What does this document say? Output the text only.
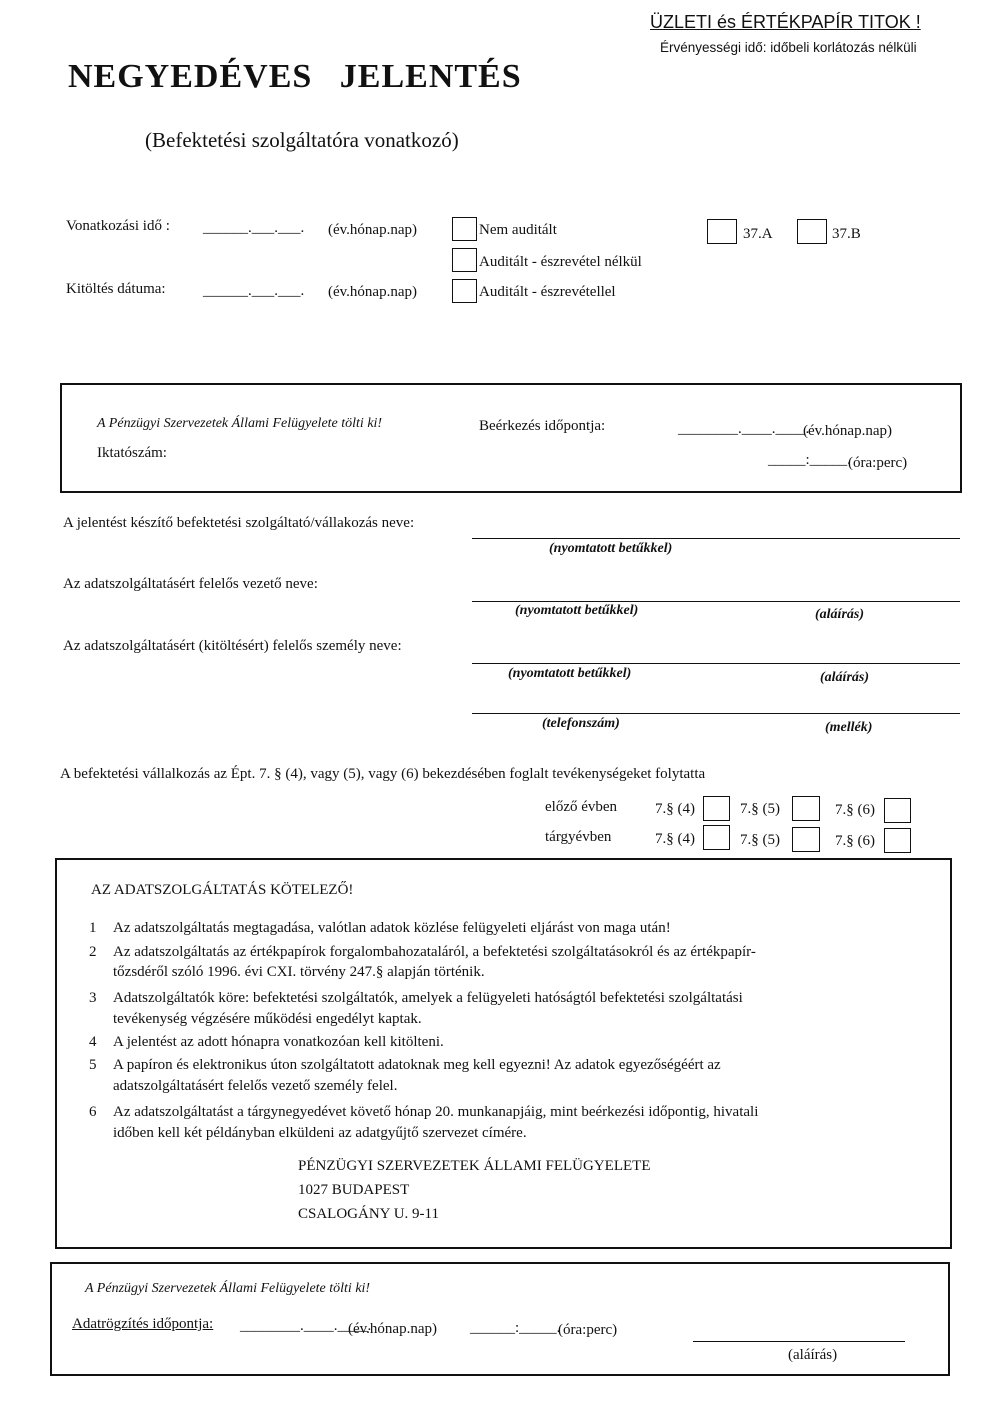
ÜZLETI és ÉRTÉKPAPÍR TITOK !
Érvényességi idő: időbeli korlátozás nélküli
NEGYEDÉVES JELENTÉS
(Befektetési szolgáltatóra vonatkozó)
Vonatkozási idő : ______.___.___. (év.hónap.nap)
Kitöltés dátuma: ______.___.___. (év.hónap.nap)
Nem auditált
Auditált - észrevétel nélkül
Auditált - észrevétellel
37.A	37.B
A Pénzügyi Szervezetek Állami Felügyelete tölti ki!	Beérkezés időpontja:	________.____.____.
(év.hónap.nap)
Iktatószám:	_____:_____.
(óra:perc)
A jelentést készítő befektetési szolgáltató/vállakozás neve:
(nyomtatott betűkkel)
Az adatszolgáltatásért felelős vezető neve:
(nyomtatott betűkkel)	(aláírás)
Az adatszolgáltatásért (kitöltésért) felelős személy neve:
(nyomtatott betűkkel)	(aláírás)
(telefonszám)	(mellék)
A befektetési vállalkozás az Épt. 7. § (4), vagy (5), vagy (6) bekezdésében foglalt tevékenységeket folytatta
előző évben	7.§ (4)	7.§ (5)	7.§ (6)
tárgyévben	7.§ (4)	7.§ (5)	7.§ (6)
AZ ADATSZOLGÁLTATÁS KÖTELEZŐ!
1 Az adatszolgáltatás megtagadása, valótlan adatok közlése felügyeleti eljárást von maga után!
2 Az adatszolgáltatás az értékpapírok forgalombahozataláról, a befektetési szolgáltatásokról és az értékpapír-
tőzsdéről szóló 1996. évi CXI. törvény 247.§ alapján történik.
3 Adatszolgáltatók köre: befektetési szolgáltatók, amelyek a felügyeleti hatóságtól befektetési szolgáltatási
tevékenység végzésére működési engedélyt kaptak.
4 A jelentést az adott hónapra vonatkozóan kell kitölteni.
5 A papíron és elektronikus úton szolgáltatott adatoknak meg kell egyezni! Az adatok egyezőségéért az
adatszolgáltatásért felelős vezető személy felel.
6 Az adatszolgáltatást a tárgynegyedévet követő hónap 20. munkanapjáig, mint beérkezési időpontig, hivatali
időben kell két példányban elküldeni az adatgyűjtő szervezet címére.
PÉNZÜGYI SZERVEZETEK ÁLLAMI FELÜGYELETE
1027 BUDAPEST
CSALOGÁNY U. 9-11
A Pénzügyi Szervezetek Állami Felügyelete tölti ki!
Adatrögzítés időpontja: ________.____.____.
(év.hónap.nap) ______:_____.
(óra:perc)
(aláírás)
